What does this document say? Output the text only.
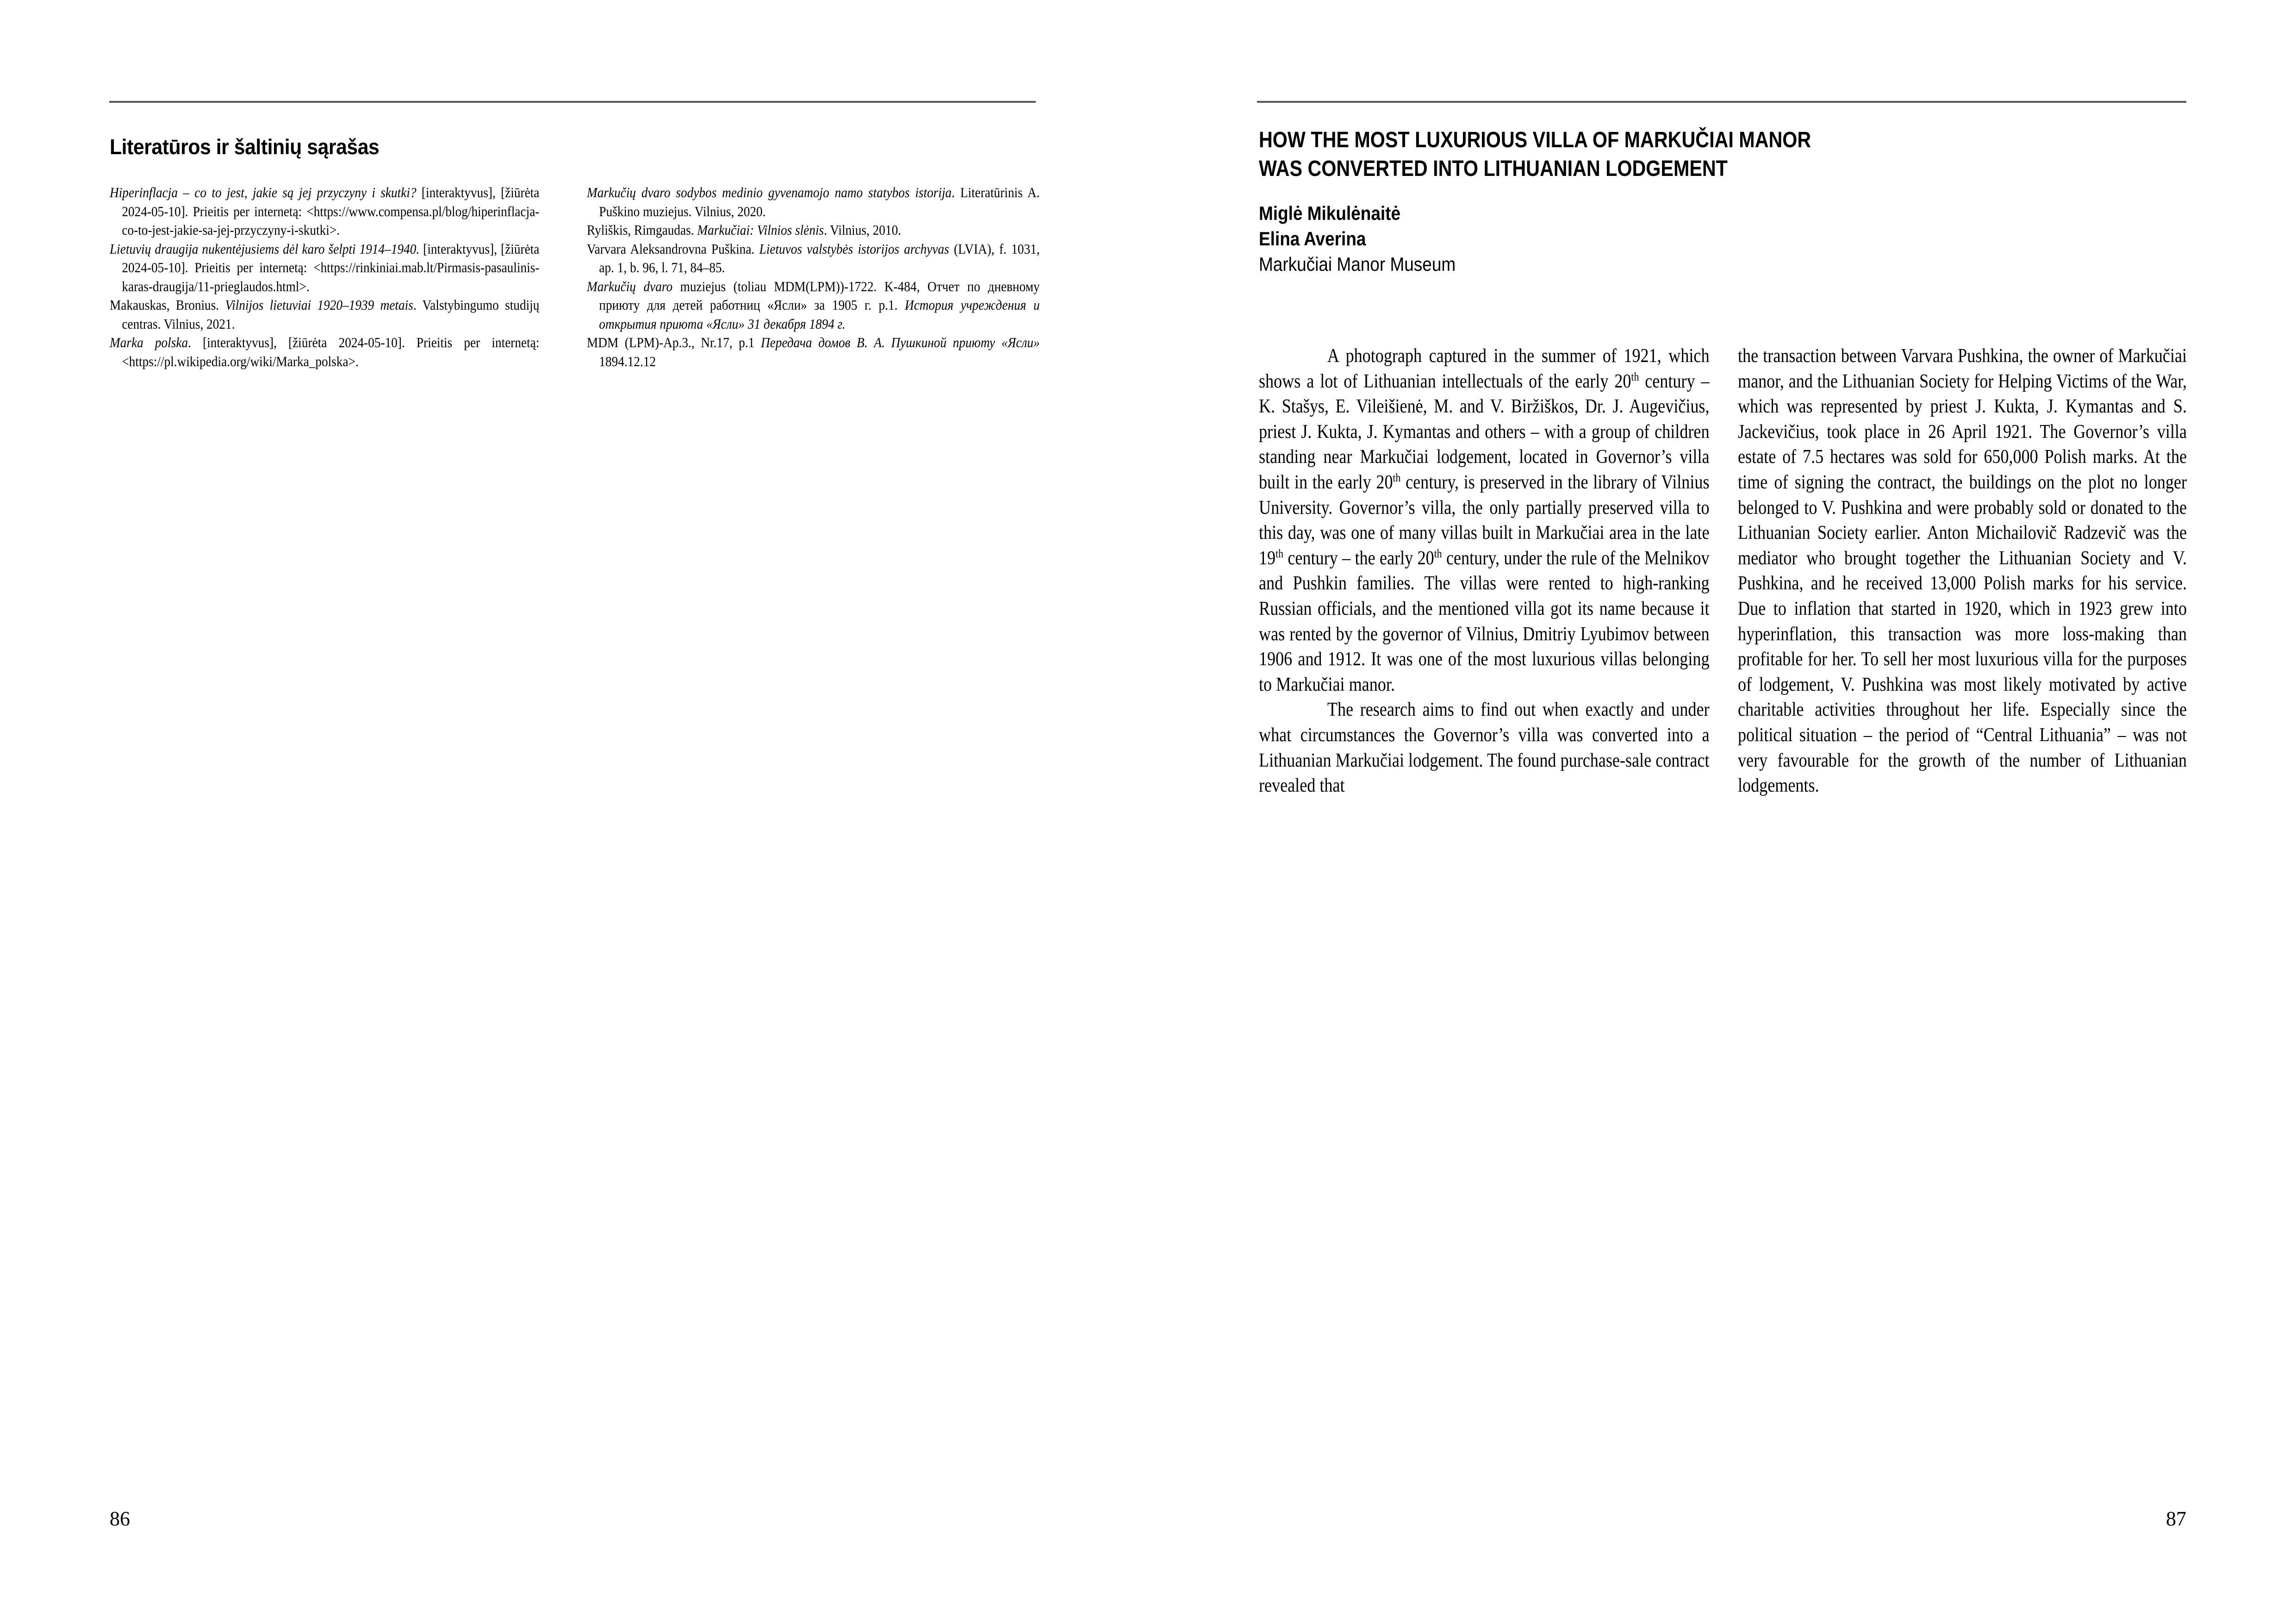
Literatūros ir šaltinių sąrašas

Hiperinflacja – co to jest, jakie są jej przyczyny i skutki? [interaktyvus], [žiūrėta 2024-05-10]. Prieitis per internetą: <https://www.compensa.pl/blog/hiperinflacja-co-to-jest-jakie-sa-jej-przyczyny-i-skutki>.

Lietuvių draugija nukentėjusiems dėl karo šelpti 1914–1940. [interaktyvus], [žiūrėta 2024-05-10]. Prieitis per internetą: <https://rinkiniai.mab.lt/Pirmasis-pasaulinis-karas-draugija/11-prieglaudos.html>.

Makauskas, Bronius. Vilnijos lietuviai 1920–1939 metais. Valstybingumo studijų centras. Vilnius, 2021.

Marka polska. [interaktyvus], [žiūrėta 2024-05-10]. Prieitis per internetą: <https://pl.wikipedia.org/wiki/Marka_polska>.

Markučių dvaro sodybos medinio gyvenamojo namo statybos istorija. Literatūrinis A. Puškino muziejus. Vilnius, 2020.

Ryliškis, Rimgaudas. Markučiai: Vilnios slėnis. Vilnius, 2010.

Varvara Aleksandrovna Puškina. Lietuvos valstybės istorijos archyvas (LVIA), f. 1031, ap. 1, b. 96, l. 71, 84–85.

Markučių dvaro muziejus (toliau MDM(LPM))-1722. K-484, Отчет по дневному приюту для детей работниц «Ясли» за 1905 г. p.1. История учреждения и открытия приюта «Ясли» 31 декабря 1894 г.

MDM (LPM)-Ap.3., Nr.17, p.1 Передача домов В. А. Пушкиной приюту «Ясли» 1894.12.12

86
HOW THE MOST LUXURIOUS VILLA OF MARKUČIAI MANOR
WAS CONVERTED INTO LITHUANIAN LODGEMENT
Miglė Mikulėnaitė
Elina Averina
Markučiai Manor Museum

A photograph captured in the summer of 1921, which shows a lot of Lithuanian intellectuals of the early 20th century – K. Stašys, E. Vileišienė, M. and V. Biržiškos, Dr. J. Augevičius, priest J. Kukta, J. Kymantas and others – with a group of children standing near Markučiai lodgement, located in Governor’s villa built in the early 20th century, is preserved in the library of Vilnius University. Governor’s villa, the only partially preserved villa to this day, was one of many villas built in Markučiai area in the late 19th century – the early 20th century, under the rule of the Melnikov and Pushkin families. The villas were rented to high-ranking Russian officials, and the mentioned villa got its name because it was rented by the governor of Vilnius, Dmitriy Lyubimov between 1906 and 1912. It was one of the most luxurious villas belonging to Markučiai manor.

The research aims to find out when exactly and under what circumstances the Governor’s villa was converted into a Lithuanian Markučiai lodgement. The found purchase-sale contract revealed that

the transaction between Varvara Pushkina, the owner of Markučiai manor, and the Lithuanian Society for Helping Victims of the War, which was represented by priest J. Kukta, J. Kymantas and S. Jackevičius, took place in 26 April 1921. The Governor’s villa estate of 7.5 hectares was sold for 650,000 Polish marks. At the time of signing the contract, the buildings on the plot no longer belonged to V. Pushkina and were probably sold or donated to the Lithuanian Society earlier. Anton Michailovič Radzevič was the mediator who brought together the Lithuanian Society and V. Pushkina, and he received 13,000 Polish marks for his service. Due to inflation that started in 1920, which in 1923 grew into hyperinflation, this transaction was more loss-making than profitable for her. To sell her most luxurious villa for the purposes of lodgement, V. Pushkina was most likely motivated by active charitable activities throughout her life. Especially since the political situation – the period of “Central Lithuania” – was not very favourable for the growth of the number of Lithuanian lodgements.

87
